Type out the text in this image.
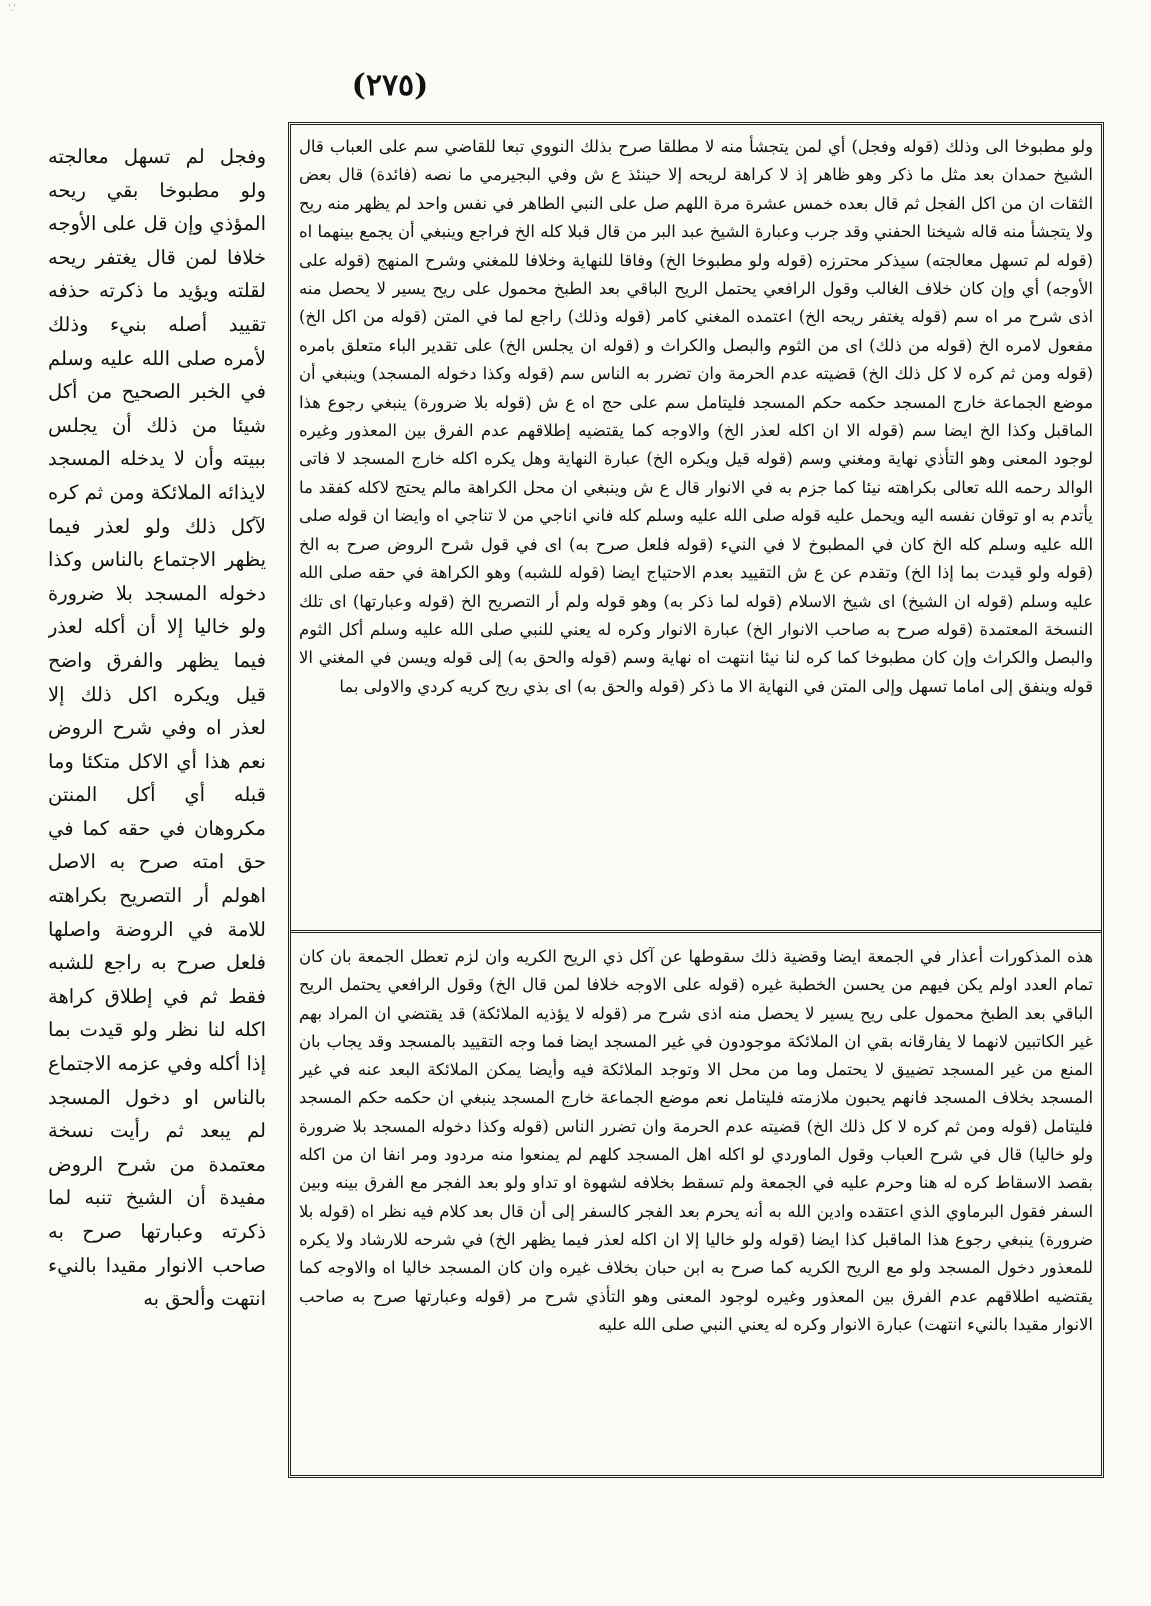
'.'
(٢٧٥)

وفجل لم تسهل معالجته ولو مطبوخا بقي ريحه المؤذي وإن قل على الأوجه خلافا لمن قال يغتفر ريحه لقلته ويؤيد ما ذكرته حذفه تقييد أصله بنيء وذلك لأمره صلى الله عليه وسلم في الخبر الصحيح من أكل شيئا من ذلك أن يجلس ببيته وأن لا يدخله المسجد لايذائه الملائكة ومن ثم كره لآكل ذلك ولو لعذر فيما يظهر الاجتماع بالناس وكذا دخوله المسجد بلا ضرورة ولو خاليا إلا أن أكله لعذر فيما يظهر والفرق واضح قيل ويكره اكل ذلك إلا لعذر اه وفي شرح الروض نعم هذا أي الاكل متكئا وما قبله أي أكل المنتن مكروهان في حقه كما في حق امته صرح به الاصل اهولم أر التصريح بكراهته للامة في الروضة واصلها فلعل صرح به راجع للشبه فقط ثم في إطلاق كراهة اكله لنا نظر ولو قيدت بما إذا أكله وفي عزمه الاجتماع بالناس او دخول المسجد لم يبعد ثم رأيت نسخة معتمدة من شرح الروض مفيدة أن الشيخ تنبه لما ذكرته وعبارتها صرح به صاحب الانوار مقيدا بالنيء انتهت وألحق به

ولو مطبوخا الى وذلك (قوله وفجل) أي لمن يتجشأ منه لا مطلقا صرح بذلك النووي تبعا للقاضي سم على العباب قال الشيخ حمدان بعد مثل ما ذكر وهو ظاهر إذ لا كراهة لريحه إلا حينئذ ع ش وفي البجيرمي ما نصه (فائدة) قال بعض الثقات ان من اكل الفجل ثم قال بعده خمس عشرة مرة اللهم صل على النبي الطاهر في نفس واحد لم يظهر منه ريح ولا يتجشأ منه قاله شيخنا الحفني وقد جرب وعبارة الشيخ عبد البر من قال قبلا كله الخ فراجع وينبغي أن يجمع بينهما اه (قوله لم تسهل معالجته) سيذكر محترزه (قوله ولو مطبوخا الخ) وفاقا للنهاية وخلافا للمغني وشرح المنهج (قوله على الأوجه) أي وإن كان خلاف الغالب وقول الرافعي يحتمل الريح الباقي بعد الطبخ محمول على ريح يسير لا يحصل منه اذى شرح مر اه سم (قوله يغتفر ريحه الخ) اعتمده المغني كامر (قوله وذلك) راجع لما في المتن (قوله من اكل الخ) مفعول لامره الخ (قوله من ذلك) اى من الثوم والبصل والكراث و (قوله ان يجلس الخ) على تقدير الباء متعلق بامره (قوله ومن ثم كره لا كل ذلك الخ) قضيته عدم الحرمة وان تضرر به الناس سم (قوله وكذا دخوله المسجد) وينبغي أن موضع الجماعة خارج المسجد حكمه حكم المسجد فليتامل سم على حج اه ع ش (قوله بلا ضرورة) ينبغي رجوع هذا الماقبل وكذا الخ ايضا سم (قوله الا ان اكله لعذر الخ) والاوجه كما يقتضيه إطلاقهم عدم الفرق بين المعذور وغيره لوجود المعنى وهو التأذي نهاية ومغني وسم (قوله قيل ويكره الخ) عبارة النهاية وهل يكره اكله خارج المسجد لا فاتى الوالد رحمه الله تعالى بكراهته نيئا كما جزم به في الانوار قال ع ش وينبغي ان محل الكراهة مالم يحتج لاكله كفقد ما يأتدم به او توقان نفسه اليه ويحمل عليه قوله صلى الله عليه وسلم كله فاني اناجي من لا تناجي اه وايضا ان قوله صلى الله عليه وسلم كله الخ كان في المطبوخ لا في النيء (قوله فلعل صرح به) اى في قول شرح الروض صرح به الخ (قوله ولو قيدت بما إذا الخ) وتقدم عن ع ش التقييد بعدم الاحتياج ايضا (قوله للشبه) وهو الكراهة في حقه صلى الله عليه وسلم (قوله ان الشيخ) اى شيخ الاسلام (قوله لما ذكر به) وهو قوله ولم أر التصريح الخ (قوله وعبارتها) اى تلك النسخة المعتمدة (قوله صرح به صاحب الانوار الخ) عبارة الانوار وكره له يعني للنبي صلى الله عليه وسلم أكل الثوم والبصل والكراث وإن كان مطبوخا كما كره لنا نيئا انتهت اه نهاية وسم (قوله والحق به) إلى قوله ويسن في المغني الا قوله وينفق إلى اماما تسهل وإلى المتن في النهاية الا ما ذكر (قوله والحق به) اى بذي ريح كريه كردي والاولى بما

هذه المذكورات أعذار في الجمعة ايضا وقضية ذلك سقوطها عن آكل ذي الريح الكريه وان لزم تعطل الجمعة بان كان تمام العدد اولم يكن فيهم من يحسن الخطبة غيره (قوله على الاوجه خلافا لمن قال الخ) وقول الرافعي يحتمل الريح الباقي بعد الطبخ محمول على ريح يسير لا يحصل منه اذى شرح مر (قوله لا يؤذيه الملائكة) قد يقتضي ان المراد بهم غير الكاتبين لانهما لا يفارقانه بقي ان الملائكة موجودون في غير المسجد ايضا فما وجه التقييد بالمسجد وقد يجاب بان المنع من غير المسجد تضييق لا يحتمل وما من محل الا وتوجد الملائكة فيه وأيضا يمكن الملائكة البعد عنه في غير المسجد بخلاف المسجد فانهم يحبون ملازمته فليتامل نعم موضع الجماعة خارج المسجد ينبغي ان حكمه حكم المسجد فليتامل (قوله ومن ثم كره لا كل ذلك الخ) قضيته عدم الحرمة وان تضرر الناس (قوله وكذا دخوله المسجد بلا ضرورة ولو خاليا) قال في شرح العباب وقول الماوردي لو اكله اهل المسجد كلهم لم يمنعوا منه مردود ومر انفا ان من اكله بقصد الاسقاط كره له هنا وحرم عليه في الجمعة ولم تسقط بخلافه لشهوة او تداو ولو بعد الفجر مع الفرق بينه وبين السفر فقول البرماوي الذي اعتقده وادين الله به أنه يحرم بعد الفجر كالسفر إلى أن قال بعد كلام فيه نظر اه (قوله بلا ضرورة) ينبغي رجوع هذا الماقبل كذا ايضا (قوله ولو خاليا إلا ان اكله لعذر فيما يظهر الخ) في شرحه للارشاد ولا يكره للمعذور دخول المسجد ولو مع الريح الكريه كما صرح به ابن حبان بخلاف غيره وان كان المسجد خاليا اه والاوجه كما يقتضيه اطلاقهم عدم الفرق بين المعذور وغيره لوجود المعنى وهو التأذي شرح مر (قوله وعبارتها صرح به صاحب الانوار مقيدا بالنيء انتهت) عبارة الانوار وكره له يعني النبي صلى الله عليه
